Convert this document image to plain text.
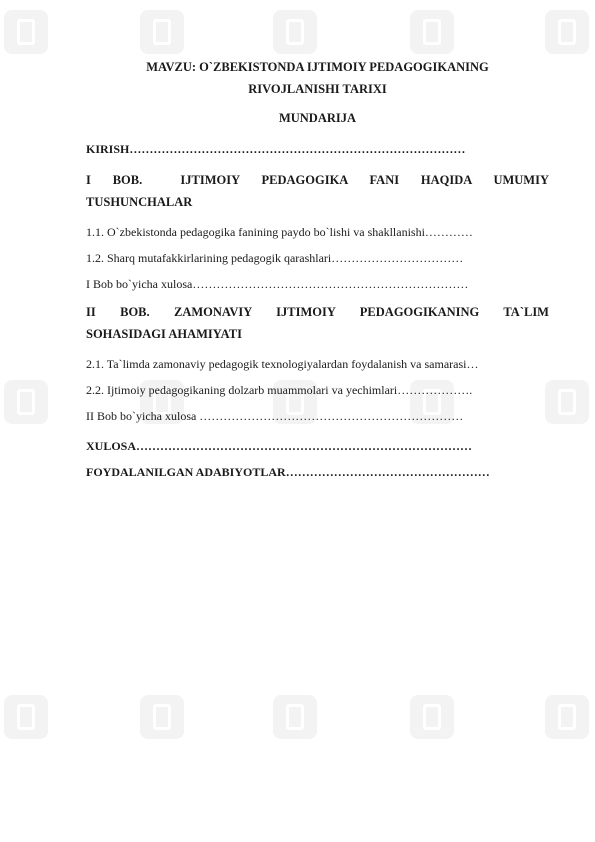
MAVZU: O`ZBEKISTONDA IJTIMOIY PEDAGOGIKANING
RIVOJLANISHI TARIXI
MUNDARIJA
KIRISH…………………………………………………………………………
I    BOB.       IJTIMOIY    PEDAGOGIKA    FANI    HAQIDA    UMUMIY
TUSHUNCHALAR
1.1. O`zbekistonda pedagogika fanining paydo bo`lishi va shakllanishi…………
1.2. Sharq mutafakkirlarining pedagogik qarashlari……………………………
I Bob bo`yicha xulosa……………………………………………………………
II    BOB.    ZAMONAVIY    IJTIMOIY    PEDAGOGIKANING    TA`LIM
SOHASIDAGI AHAMIYATI
2.1. Ta`limda zamonaviy pedagogik texnologiyalardan foydalanish va samarasi…
2.2. Ijtimoiy pedagogikaning dolzarb muammolari va yechimlari……………….
II Bob bo`yicha xulosa …………………………………………………………
XULOSA…………………………………………………………………………
FOYDALANILGAN ADABIYOTLAR……………………………………………
